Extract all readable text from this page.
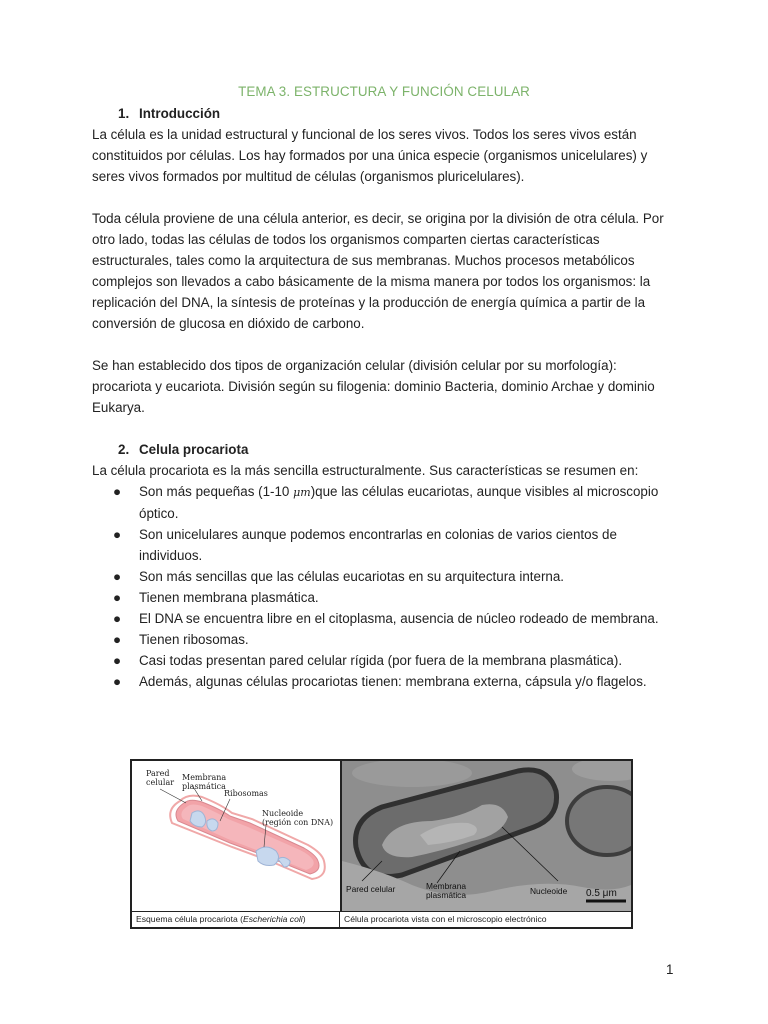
TEMA 3. ESTRUCTURA Y FUNCIÓN CELULAR
1. Introducción

La célula es la unidad estructural y funcional de los seres vivos. Todos los seres vivos están constituidos por células. Los hay formados por una única especie (organismos unicelulares) y seres vivos formados por multitud de células (organismos pluricelulares).

Toda célula proviene de una célula anterior, es decir, se origina por la división de otra célula. Por otro lado, todas las células de todos los organismos comparten ciertas características estructurales, tales como la arquitectura de sus membranas. Muchos procesos metabólicos complejos son llevados a cabo básicamente de la misma manera por todos los organismos: la replicación del DNA, la síntesis de proteínas y la producción de energía química a partir de la conversión de glucosa en dióxido de carbono.

Se han establecido dos tipos de organización celular (división celular por su morfología): procariota y eucariota. División según su filogenia: dominio Bacteria, dominio Archae y dominio Eukarya.

2. Celula procariota

La célula procariota es la más sencilla estructuralmente. Sus características se resumen en:

● Son más pequeñas (1-10 μm)que las células eucariotas, aunque visibles al microscopio óptico.
● Son unicelulares aunque podemos encontrarlas en colonias de varios cientos de individuos.
● Son más sencillas que las células eucariotas en su arquitectura interna.
● Tienen membrana plasmática.
● El DNA se encuentra libre en el citoplasma, ausencia de núcleo rodeado de membrana.
● Tienen ribosomas.
● Casi todas presentan pared celular rígida (por fuera de la membrana plasmática).
● Además, algunas células procariotas tienen: membrana externa, cápsula y/o flagelos.
Pared
celular
Membrana
plasmática
Ribosomas
Nucleoide
(región con DNA)
Pared celular	Membrana
plasmática	Nucleoide 0.5 μm
Esquema célula procariota (Escherichia coli)	Célula procariota vista con el microscopio electrónico
1
